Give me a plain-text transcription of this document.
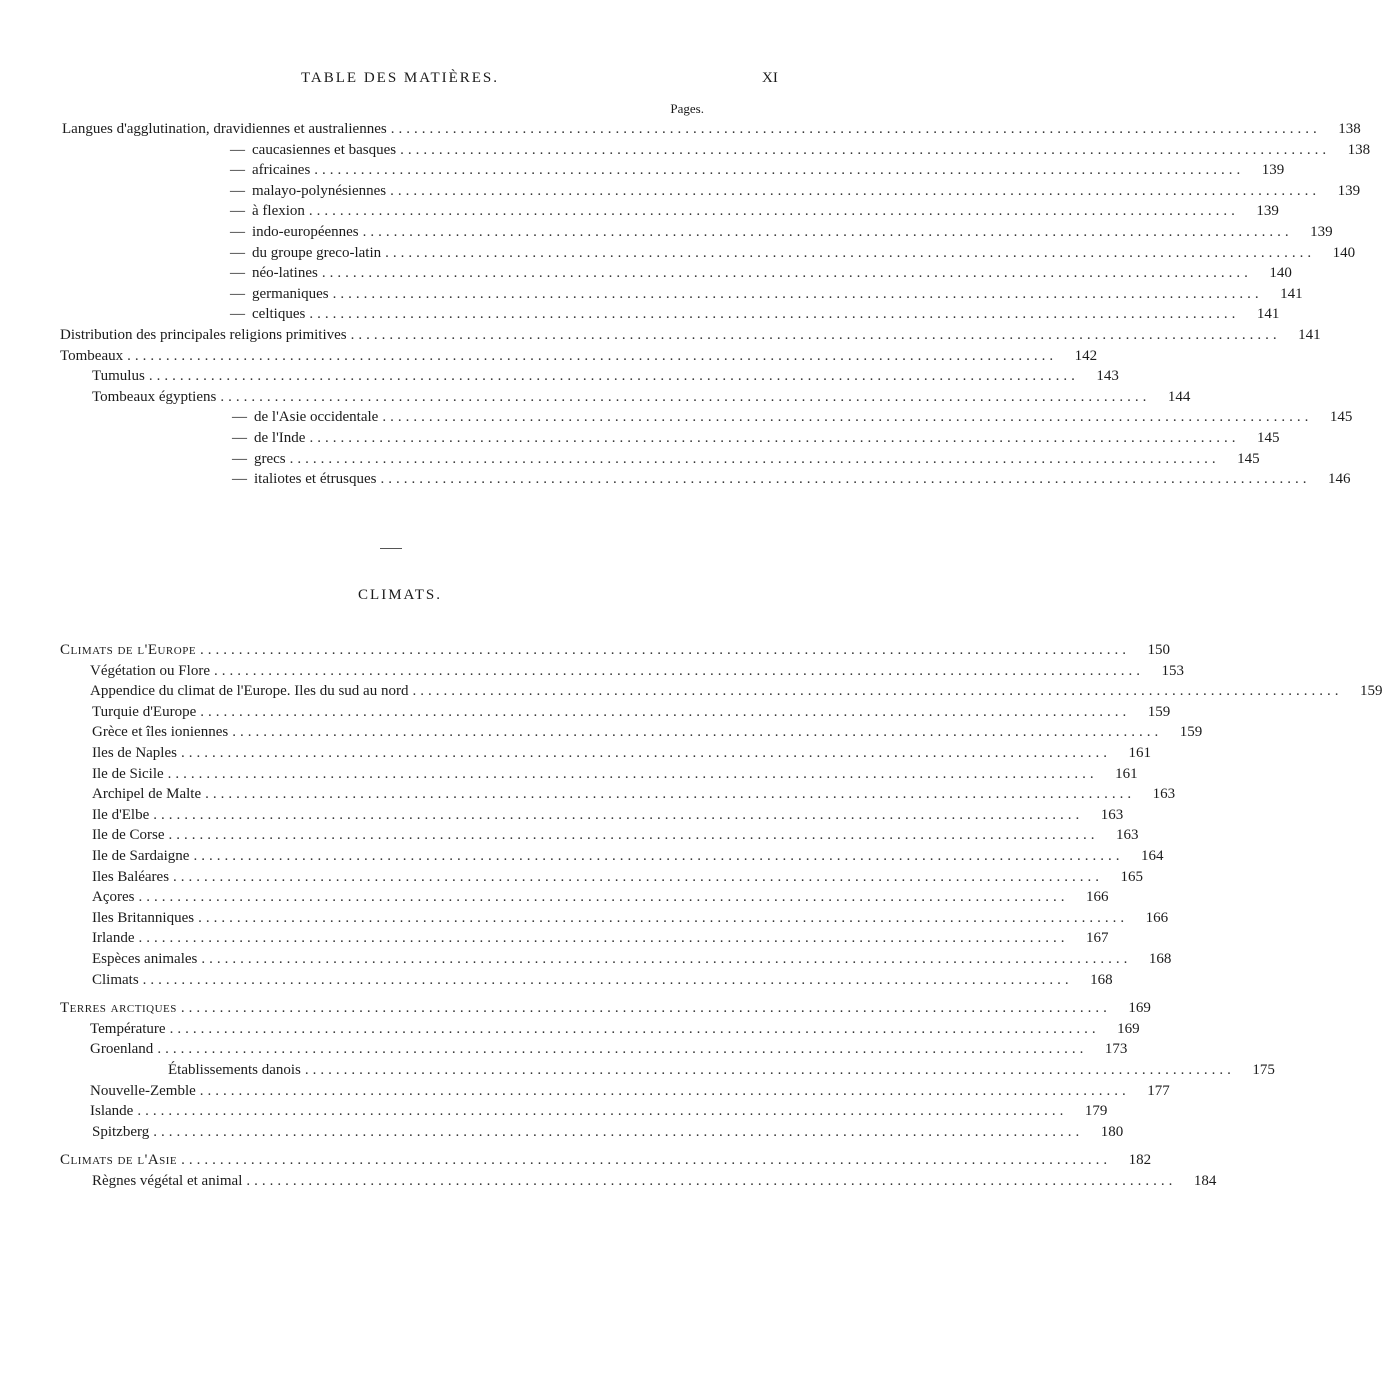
TABLE DES MATIÈRES.	XI
Pages.
Langues d'agglutination, dravidiennes et australiennes ........................................................................................................................	138
— caucasiennes et basques ........................................................................................................................	138
— africaines ........................................................................................................................	139
— malayo-polynésiennes ........................................................................................................................	139
— à flexion ........................................................................................................................	139
— indo-européennes ........................................................................................................................	139
— du groupe greco-latin ........................................................................................................................	140
— néo-latines ........................................................................................................................	140
— germaniques ........................................................................................................................	141
— celtiques ........................................................................................................................	141
Distribution des principales religions primitives ........................................................................................................................	141
Tombeaux ........................................................................................................................	142
Tumulus ........................................................................................................................	143
Tombeaux égyptiens ........................................................................................................................	144
— de l'Asie occidentale ........................................................................................................................	145
— de l'Inde ........................................................................................................................	145
— grecs ........................................................................................................................	145
— italiotes et étrusques ........................................................................................................................	146
CLIMATS.
Climats de l'Europe ........................................................................................................................	150
Végétation ou Flore ........................................................................................................................	153
Appendice du climat de l'Europe. Iles du sud au nord ........................................................................................................................	159
Turquie d'Europe ........................................................................................................................	159
Grèce et îles ioniennes ........................................................................................................................	159
Iles de Naples ........................................................................................................................	161
Ile de Sicile ........................................................................................................................	161
Archipel de Malte ........................................................................................................................	163
Ile d'Elbe ........................................................................................................................	163
Ile de Corse ........................................................................................................................	163
Ile de Sardaigne ........................................................................................................................	164
Iles Baléares ........................................................................................................................	165
Açores ........................................................................................................................	166
Iles Britanniques ........................................................................................................................	166
Irlande ........................................................................................................................	167
Espèces animales ........................................................................................................................	168
Climats ........................................................................................................................	168
Terres arctiques ........................................................................................................................	169
Température ........................................................................................................................	169
Groenland ........................................................................................................................	173
Établissements danois ........................................................................................................................	175
Nouvelle-Zemble ........................................................................................................................	177
Islande ........................................................................................................................	179
Spitzberg ........................................................................................................................	180
Climats de l'Asie ........................................................................................................................	182
Règnes végétal et animal ........................................................................................................................	184
